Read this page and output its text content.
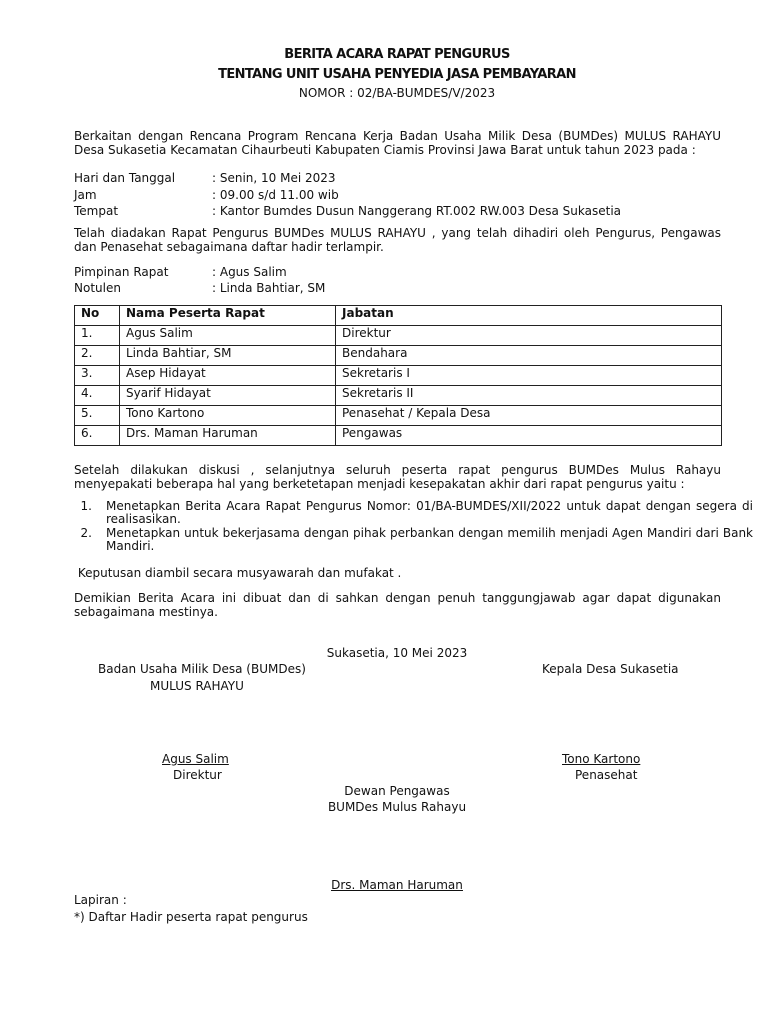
BERITA ACARA RAPAT PENGURUS
TENTANG UNIT USAHA PENYEDIA JASA PEMBAYARAN
NOMOR : 02/BA-BUMDES/V/2023
Berkaitan dengan Rencana Program Rencana Kerja Badan Usaha Milik Desa (BUMDes) MULUS RAHAYU Desa Sukasetia Kecamatan Cihaurbeuti Kabupaten Ciamis Provinsi Jawa Barat untuk tahun 2023 pada :
Hari dan Tanggal	: Senin, 10 Mei 2023
Jam	: 09.00 s/d 11.00 wib
Tempat	: Kantor Bumdes Dusun Nanggerang RT.002 RW.003 Desa Sukasetia
Telah diadakan Rapat Pengurus BUMDes MULUS RAHAYU , yang telah dihadiri oleh Pengurus, Pengawas dan Penasehat sebagaimana daftar hadir terlampir.
Pimpinan Rapat	: Agus Salim
Notulen	: Linda Bahtiar, SM
No	Nama Peserta Rapat	Jabatan
1.	Agus Salim	Direktur
2.	Linda Bahtiar, SM	Bendahara
3.	Asep Hidayat	Sekretaris I
4.	Syarif Hidayat	Sekretaris II
5.	Tono Kartono	Penasehat / Kepala Desa
6.	Drs. Maman Haruman	Pengawas
Setelah dilakukan diskusi , selanjutnya seluruh peserta rapat pengurus BUMDes Mulus Rahayu menyepakati beberapa hal yang berketetapan menjadi kesepakatan akhir dari rapat pengurus yaitu :
1. Menetapkan Berita Acara Rapat Pengurus Nomor: 01/BA-BUMDES/XII/2022 untuk dapat dengan segera di realisasikan.
2. Menetapkan untuk bekerjasama dengan pihak perbankan dengan memilih menjadi Agen Mandiri dari Bank Mandiri.
Keputusan diambil secara musyawarah dan mufakat .
Demikian Berita Acara ini dibuat dan di sahkan dengan penuh tanggungjawab agar dapat digunakan sebagaimana mestinya.
Sukasetia, 10 Mei 2023
Badan Usaha Milik Desa (BUMDes)
MULUS RAHAYU
Kepala Desa Sukasetia
Agus Salim
Direktur
Tono Kartono
Penasehat
Dewan Pengawas
BUMDes Mulus Rahayu
Drs. Maman Haruman
Lapiran :
*) Daftar Hadir peserta rapat pengurus
